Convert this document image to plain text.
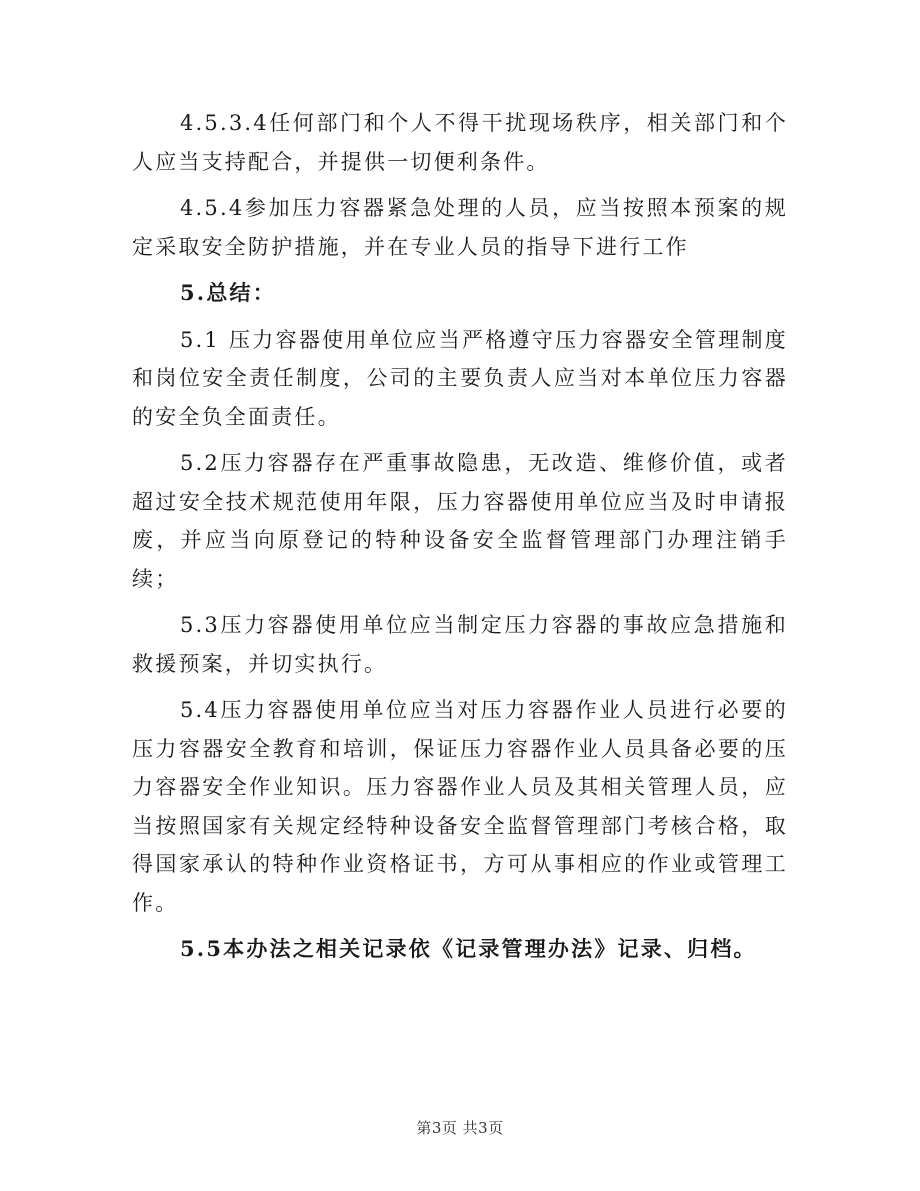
4.5.3.4任何部门和个人不得干扰现场秩序，相关部门和个人应当支持配合，并提供一切便利条件。

4.5.4参加压力容器紧急处理的人员，应当按照本预案的规定采取安全防护措施，并在专业人员的指导下进行工作

5.总结：

5.1 压力容器使用单位应当严格遵守压力容器安全管理制度和岗位安全责任制度，公司的主要负责人应当对本单位压力容器的安全负全面责任。

5.2压力容器存在严重事故隐患，无改造、维修价值，或者超过安全技术规范使用年限，压力容器使用单位应当及时申请报废，并应当向原登记的特种设备安全监督管理部门办理注销手续；

5.3压力容器使用单位应当制定压力容器的事故应急措施和救援预案，并切实执行。

5.4压力容器使用单位应当对压力容器作业人员进行必要的压力容器安全教育和培训，保证压力容器作业人员具备必要的压力容器安全作业知识。压力容器作业人员及其相关管理人员，应当按照国家有关规定经特种设备安全监督管理部门考核合格，取得国家承认的特种作业资格证书，方可从事相应的作业或管理工作。

5.5本办法之相关记录依《记录管理办法》记录、归档。

第3页 共3页
